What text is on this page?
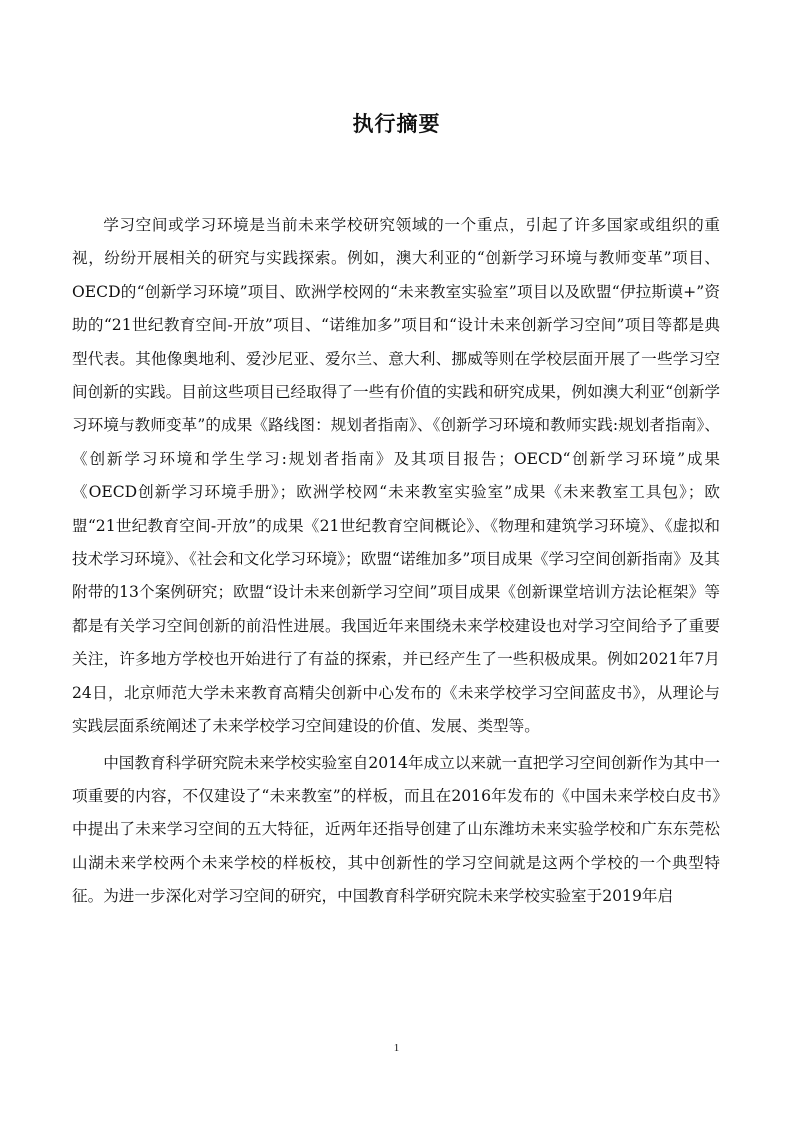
执行摘要

学习空间或学习环境是当前未来学校研究领域的一个重点，引起了许多国家或组织的重视，纷纷开展相关的研究与实践探索。例如，澳大利亚的“创新学习环境与教师变革”项目、OECD的“创新学习环境”项目、欧洲学校网的“未来教室实验室”项目以及欧盟“伊拉斯谟+”资助的“21世纪教育空间-开放”项目、“诺维加多”项目和“设计未来创新学习空间”项目等都是典型代表。其他像奥地利、爱沙尼亚、爱尔兰、意大利、挪威等则在学校层面开展了一些学习空间创新的实践。目前这些项目已经取得了一些有价值的实践和研究成果，例如澳大利亚“创新学习环境与教师变革”的成果《路线图：规划者指南》、《创新学习环境和教师实践:规划者指南》、《创新学习环境和学生学习:规划者指南》及其项目报告；OECD“创新学习环境”成果《OECD创新学习环境手册》；欧洲学校网“未来教室实验室”成果《未来教室工具包》；欧盟“21世纪教育空间-开放”的成果《21世纪教育空间概论》、《物理和建筑学习环境》、《虚拟和技术学习环境》、《社会和文化学习环境》；欧盟“诺维加多”项目成果《学习空间创新指南》及其附带的13个案例研究；欧盟“设计未来创新学习空间”项目成果《创新课堂培训方法论框架》等都是有关学习空间创新的前沿性进展。我国近年来围绕未来学校建设也对学习空间给予了重要关注，许多地方学校也开始进行了有益的探索，并已经产生了一些积极成果。例如2021年7月24日，北京师范大学未来教育高精尖创新中心发布的《未来学校学习空间蓝皮书》，从理论与实践层面系统阐述了未来学校学习空间建设的价值、发展、类型等。

中国教育科学研究院未来学校实验室自2014年成立以来就一直把学习空间创新作为其中一项重要的内容，不仅建设了“未来教室”的样板，而且在2016年发布的《中国未来学校白皮书》中提出了未来学习空间的五大特征，近两年还指导创建了山东潍坊未来实验学校和广东东莞松山湖未来学校两个未来学校的样板校，其中创新性的学习空间就是这两个学校的一个典型特征。为进一步深化对学习空间的研究，中国教育科学研究院未来学校实验室于2019年启

1
